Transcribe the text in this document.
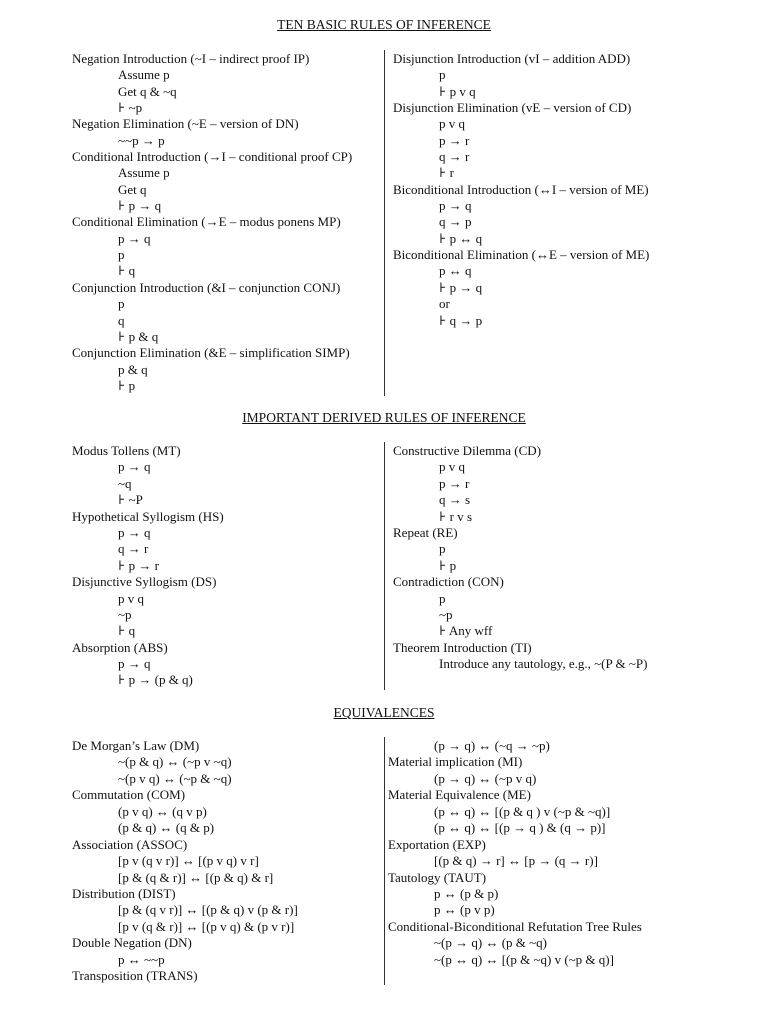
TEN BASIC RULES OF INFERENCE
Negation Introduction (~I – indirect proof IP)
Assume p
Get q & ~q
⊦ ~p
Negation Elimination (~E – version of DN)
~~p → p
Conditional Introduction (→I – conditional proof CP)
Assume p
Get q
⊦ p → q
Conditional Elimination (→E – modus ponens MP)
p → q
p
⊦ q
Conjunction Introduction (&I – conjunction CONJ)
p
q
⊦ p & q
Conjunction Elimination (&E – simplification SIMP)
p & q
⊦ p
Disjunction Introduction (vI – addition ADD)
p
⊦ p v q
Disjunction Elimination (vE – version of CD)
p v q
p → r
q → r
⊦ r
Biconditional Introduction (↔I – version of ME)
p → q
q → p
⊦ p ↔ q
Biconditional Elimination (↔E – version of ME)
p ↔ q
⊦ p → q
or
⊦ q → p
IMPORTANT DERIVED RULES OF INFERENCE
Modus Tollens (MT)
p → q
~q
⊦ ~P
Hypothetical Syllogism (HS)
p → q
q → r
⊦ p → r
Disjunctive Syllogism (DS)
p v q
~p
⊦ q
Absorption (ABS)
p → q
⊦ p → (p & q)
Constructive Dilemma (CD)
p v q
p → r
q → s
⊦ r v s
Repeat (RE)
p
⊦ p
Contradiction (CON)
p
~p
⊦ Any wff
Theorem Introduction (TI)
Introduce any tautology, e.g., ~(P & ~P)
EQUIVALENCES
De Morgan’s Law (DM)
~(p & q) ↔ (~p v ~q)
~(p v q) ↔ (~p & ~q)
Commutation (COM)
(p v q) ↔ (q v p)
(p & q) ↔ (q & p)
Association (ASSOC)
[p v (q v r)] ↔ [(p v q) v r]
[p & (q & r)] ↔ [(p & q) & r]
Distribution (DIST)
[p & (q v r)] ↔ [(p & q) v (p & r)]
[p v (q & r)] ↔ [(p v q) & (p v r)]
Double Negation (DN)
p ↔ ~~p
Transposition (TRANS)
(p → q) ↔ (~q → ~p)
Material implication (MI)
(p → q) ↔ (~p v q)
Material Equivalence (ME)
(p ↔ q) ↔ [(p & q ) v (~p & ~q)]
(p ↔ q) ↔ [(p → q ) & (q → p)]
Exportation (EXP)
[(p & q) → r] ↔ [p → (q → r)]
Tautology (TAUT)
p ↔ (p & p)
p ↔ (p v p)
Conditional-Biconditional Refutation Tree Rules
~(p → q) ↔ (p & ~q)
~(p ↔ q) ↔ [(p & ~q) v (~p & q)]
